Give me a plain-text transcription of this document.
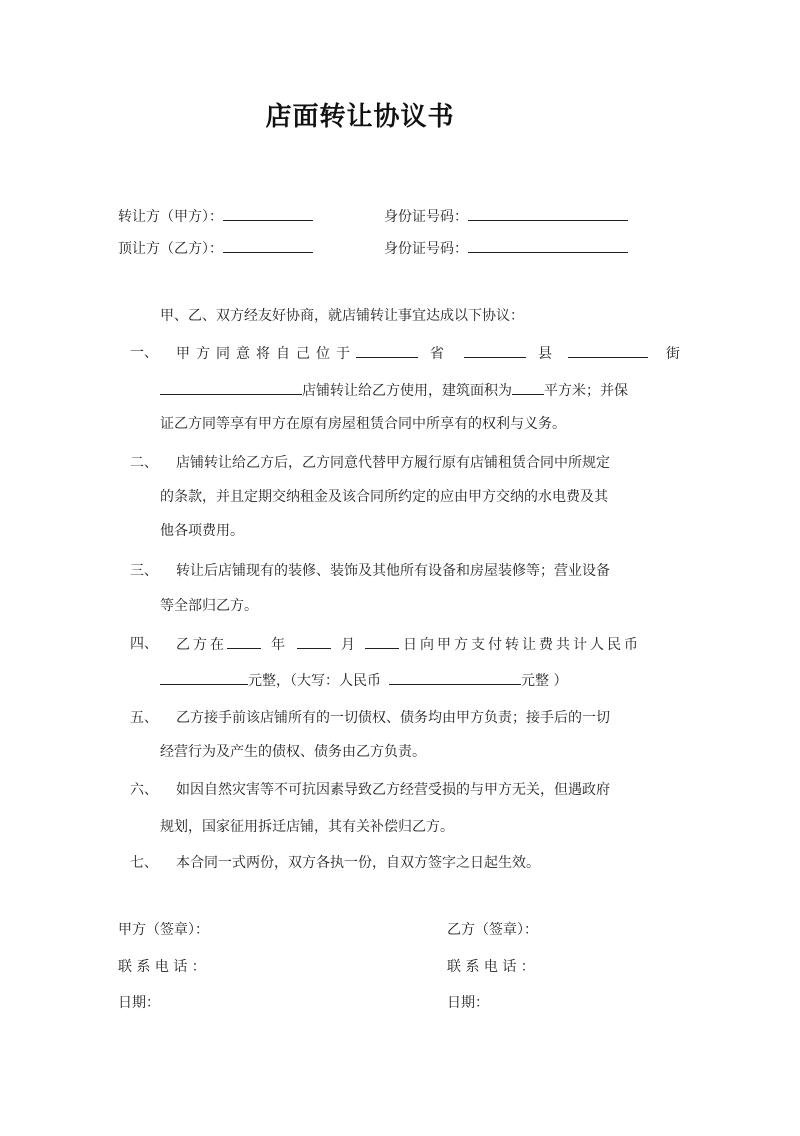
店面转让协议书
转让方（甲方）：	身份证号码：
顶让方（乙方）：	身份证号码：
甲、乙、双方经友好协商，就店铺转让事宜达成以下协议：
一、 甲方同意将自己位于	省	县	街
店铺转让给乙方使用，建筑面积为 平方米；并保
证乙方同等享有甲方在原有房屋租赁合同中所享有的权利与义务。
二、 店铺转让给乙方后，乙方同意代替甲方履行原有店铺租赁合同中所规定
的条款，并且定期交纳租金及该合同所约定的应由甲方交纳的水电费及其
他各项费用。
三、 转让后店铺现有的装修、装饰及其他所有设备和房屋装修等；营业设备
等全部归乙方。
四、 乙方在	年	月	日向甲方支付转让费共计人民币
元整，（大写：人民币	元整 ）
五、 乙方接手前该店铺所有的一切债权、债务均由甲方负责；接手后的一切
经营行为及产生的债权、债务由乙方负责。
六、 如因自然灾害等不可抗因素导致乙方经营受损的与甲方无关，但遇政府
规划，国家征用拆迁店铺，其有关补偿归乙方。
七、 本合同一式两份，双方各执一份，自双方签字之日起生效。
甲方（签章）：	乙方（签章）：
联 系 电 话 ：	联 系 电 话 ：
日期：	日期：
